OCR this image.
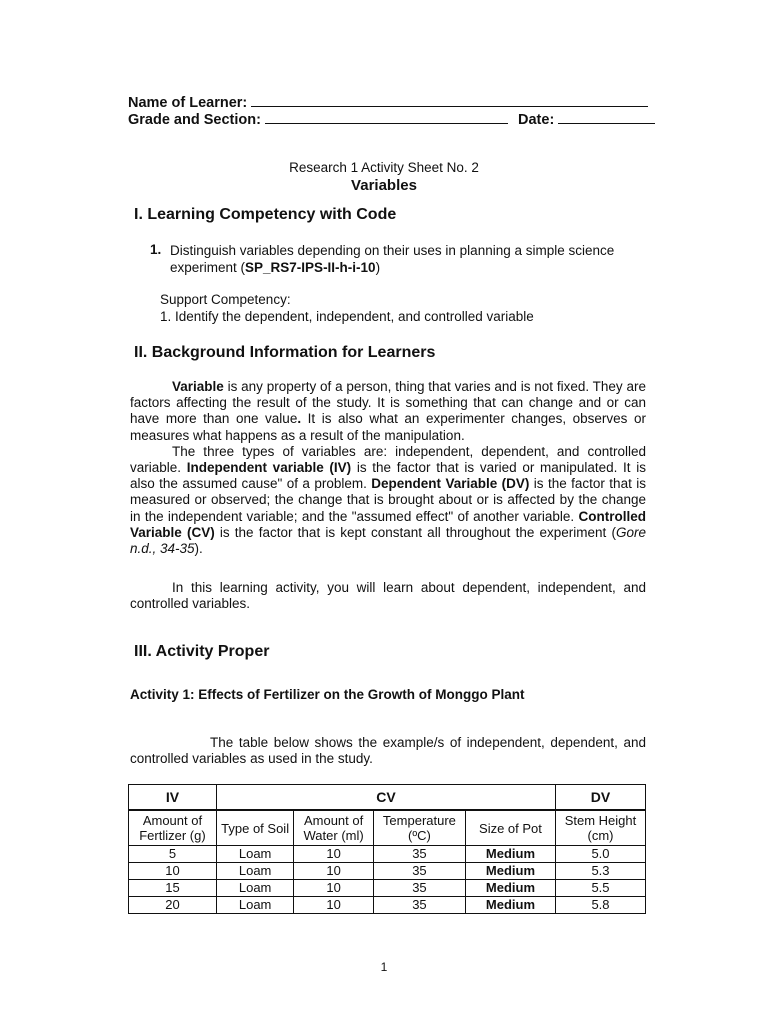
Name of Learner:
Grade and Section:	Date:
Research 1 Activity Sheet No. 2
Variables
I. Learning Competency with Code
1. Distinguish variables depending on their uses in planning a simple science experiment (SP_RS7-IPS-II-h-i-10)
Support Competency:
1. Identify the dependent, independent, and controlled variable
II. Background Information for Learners

Variable is any property of a person, thing that varies and is not fixed. They are factors affecting the result of the study. It is something that can change and or can have more than one value. It is also what an experimenter changes, observes or measures what happens as a result of the manipulation.

The three types of variables are: independent, dependent, and controlled variable. Independent variable (IV) is the factor that is varied or manipulated. It is also the assumed cause" of a problem. Dependent Variable (DV) is the factor that is measured or observed; the change that is brought about or is affected by the change in the independent variable; and the "assumed effect" of another variable. Controlled Variable (CV) is the factor that is kept constant all throughout the experiment (Gore n.d., 34-35).

In this learning activity, you will learn about dependent, independent, and controlled variables.

III. Activity Proper
Activity 1: Effects of Fertilizer on the Growth of Monggo Plant

The table below shows the example/s of independent, dependent, and controlled variables as used in the study.

IV	CV				DV
Amount of Fertlizer (g)	Type of Soil	Amount of Water (ml)	Temperature (ºC)	Size of Pot	Stem Height (cm)
5	Loam	10	35	Medium	5.0
10	Loam	10	35	Medium	5.3
15	Loam	10	35	Medium	5.5
20	Loam	10	35	Medium	5.8
1
